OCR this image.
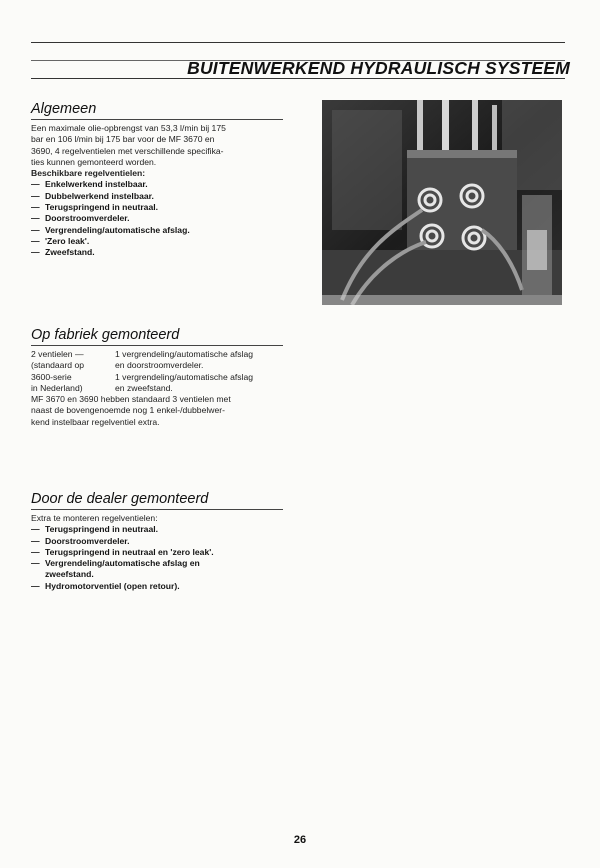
BUITENWERKEND HYDRAULISCH SYSTEEM
Algemeen

Een maximale olie-opbrengst van 53,3 l/min bij 175

bar en 106 l/min bij 175 bar voor de MF 3670 en

3690, 4 regelventielen met verschillende specifika-

ties kunnen gemonteerd worden.

Beschikbare regelventielen:

— Enkelwerkend instelbaar.
— Dubbelwerkend instelbaar.
— Terugspringend in neutraal.
— Doorstroomverdeler.
— Vergrendeling/automatische afslag.
— 'Zero leak'.
— Zweefstand.
Op fabriek gemonteerd

2 ventielen —

(standaard op

3600-serie

in Nederland)

1 vergrendeling/automatische afslag

en doorstroomverdeler.

1 vergrendeling/automatische afslag

en zweefstand.

MF 3670 en 3690 hebben standaard 3 ventielen met

naast de bovengenoemde nog 1 enkel-/dubbelwer-

kend instelbaar regelventiel extra.

Door de dealer gemonteerd

Extra te monteren regelventielen:

— Terugspringend in neutraal.
— Doorstroomverdeler.
— Terugspringend in neutraal en 'zero leak'.
— Vergrendeling/automatische afslag en
zweefstand.
— Hydromotorventiel (open retour).
26
